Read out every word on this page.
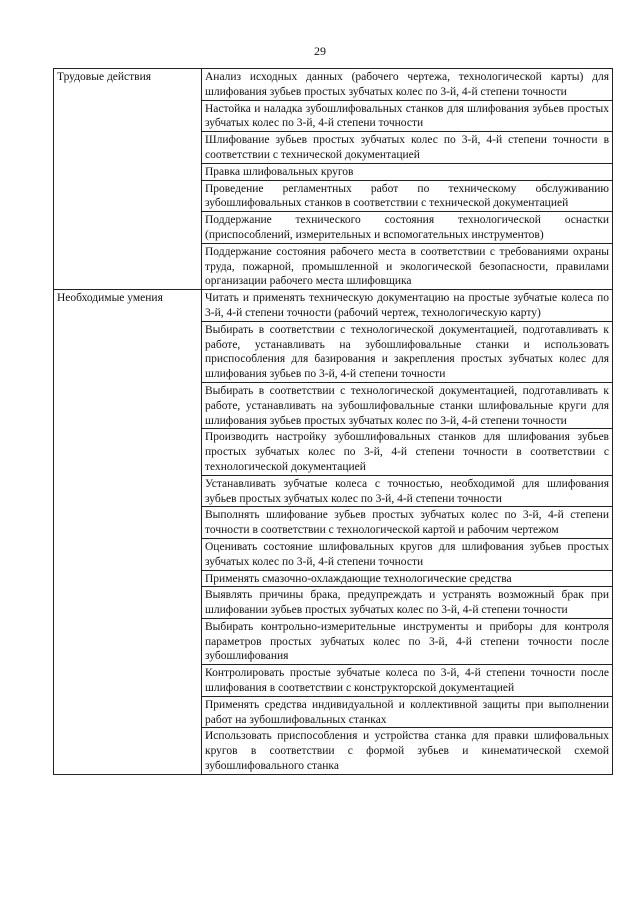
29
Трудовые действия	Анализ исходных данных (рабочего чертежа, технологической карты) для шлифования зубьев простых зубчатых колес по 3-й, 4-й степени точности
	Настойка и наладка зубошлифовальных станков для шлифования зубьев простых зубчатых колес по 3-й, 4-й степени точности
	Шлифование зубьев простых зубчатых колес по 3-й, 4-й степени точности в соответствии с технической документацией
	Правка шлифовальных кругов
	Проведение регламентных работ по техническому обслуживанию зубошлифовальных станков в соответствии с технической документацией
	Поддержание технического состояния технологической оснастки (приспособлений, измерительных и вспомогательных инструментов)
	Поддержание состояния рабочего места в соответствии с требованиями охраны труда, пожарной, промышленной и экологической безопасности, правилами организации рабочего места шлифовщика
Необходимые умения	Читать и применять техническую документацию на простые зубчатые колеса по 3-й, 4-й степени точности (рабочий чертеж, технологическую карту)
	Выбирать в соответствии с технологической документацией, подготавливать к работе, устанавливать на зубошлифовальные станки и использовать приспособления для базирования и закрепления простых зубчатых колес для шлифования зубьев по 3-й, 4-й степени точности
	Выбирать в соответствии с технологической документацией, подготавливать к работе, устанавливать на зубошлифовальные станки шлифовальные круги для шлифования зубьев простых зубчатых колес по 3-й, 4-й степени точности
	Производить настройку зубошлифовальных станков для шлифования зубьев простых зубчатых колес по 3-й, 4-й степени точности в соответствии с технологической документацией
	Устанавливать зубчатые колеса с точностью, необходимой для шлифования зубьев простых зубчатых колес по 3-й, 4-й степени точности
	Выполнять шлифование зубьев простых зубчатых колес по 3-й, 4-й степени точности в соответствии с технологической картой и рабочим чертежом
	Оценивать состояние шлифовальных кругов для шлифования зубьев простых зубчатых колес по 3-й, 4-й степени точности
	Применять смазочно-охлаждающие технологические средства
	Выявлять причины брака, предупреждать и устранять возможный брак при шлифовании зубьев простых зубчатых колес по 3-й, 4-й степени точности
	Выбирать контрольно-измерительные инструменты и приборы для контроля параметров простых зубчатых колес по 3-й, 4-й степени точности после зубошлифования
	Контролировать простые зубчатые колеса по 3-й, 4-й степени точности после шлифования в соответствии с конструкторской документацией
	Применять средства индивидуальной и коллективной защиты при выполнении работ на зубошлифовальных станках
	Использовать приспособления и устройства станка для правки шлифовальных кругов в соответствии с формой зубьев и кинематической схемой зубошлифовального станка
